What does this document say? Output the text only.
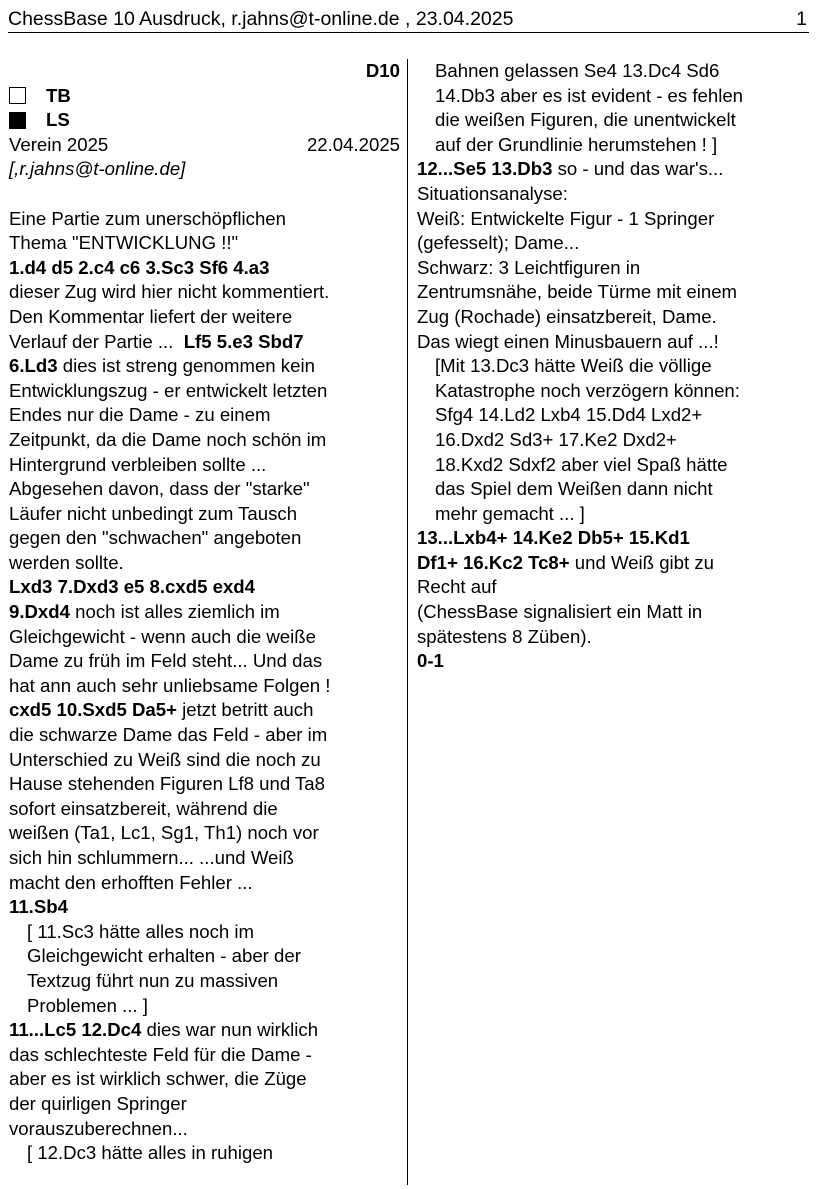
ChessBase 10 Ausdruck, r.jahns@t-online.de , 23.04.2025	1
D10
TB
LS
Verein 2025	22.04.2025
[,r.jahns@t-online.de]
Eine Partie zum unerschöpflichen
Thema "ENTWICKLUNG !!"
1.d4 d5 2.c4 c6 3.Sc3 Sf6 4.a3
dieser Zug wird hier nicht kommentiert.
Den Kommentar liefert der weitere
Verlauf der Partie ... Lf5 5.e3 Sbd7
6.Ld3 dies ist streng genommen kein
Entwicklungszug - er entwickelt letzten
Endes nur die Dame - zu einem
Zeitpunkt, da die Dame noch schön im
Hintergrund verbleiben sollte ...
Abgesehen davon, dass der "starke"
Läufer nicht unbedingt zum Tausch
gegen den "schwachen" angeboten
werden sollte.
Lxd3 7.Dxd3 e5 8.cxd5 exd4
9.Dxd4 noch ist alles ziemlich im
Gleichgewicht - wenn auch die weiße
Dame zu früh im Feld steht... Und das
hat ann auch sehr unliebsame Folgen !
cxd5 10.Sxd5 Da5+ jetzt betritt auch
die schwarze Dame das Feld - aber im
Unterschied zu Weiß sind die noch zu
Hause stehenden Figuren Lf8 und Ta8
sofort einsatzbereit, während die
weißen (Ta1, Lc1, Sg1, Th1) noch vor
sich hin schlummern... ...und Weiß
macht den erhofften Fehler ...
11.Sb4
[ 11.Sc3 hätte alles noch im
Gleichgewicht erhalten - aber der
Textzug führt nun zu massiven
Problemen ... ]
11...Lc5 12.Dc4 dies war nun wirklich
das schlechteste Feld für die Dame -
aber es ist wirklich schwer, die Züge
der quirligen Springer
vorauszuberechnen...
[ 12.Dc3 hätte alles in ruhigen
Bahnen gelassen Se4 13.Dc4 Sd6
14.Db3 aber es ist evident - es fehlen
die weißen Figuren, die unentwickelt
auf der Grundlinie herumstehen ! ]
12...Se5 13.Db3 so - und das war's...
Situationsanalyse:
Weiß: Entwickelte Figur - 1 Springer
(gefesselt); Dame...
Schwarz: 3 Leichtfiguren in
Zentrumsnähe, beide Türme mit einem
Zug (Rochade) einsatzbereit, Dame.
Das wiegt einen Minusbauern auf ...!
[Mit 13.Dc3 hätte Weiß die völlige
Katastrophe noch verzögern können:
Sfg4 14.Ld2 Lxb4 15.Dd4 Lxd2+
16.Dxd2 Sd3+ 17.Ke2 Dxd2+
18.Kxd2 Sdxf2 aber viel Spaß hätte
das Spiel dem Weißen dann nicht
mehr gemacht ... ]
13...Lxb4+ 14.Ke2 Db5+ 15.Kd1
Df1+ 16.Kc2 Tc8+ und Weiß gibt zu
Recht auf
(ChessBase signalisiert ein Matt in
spätestens 8 Züben).
0-1
